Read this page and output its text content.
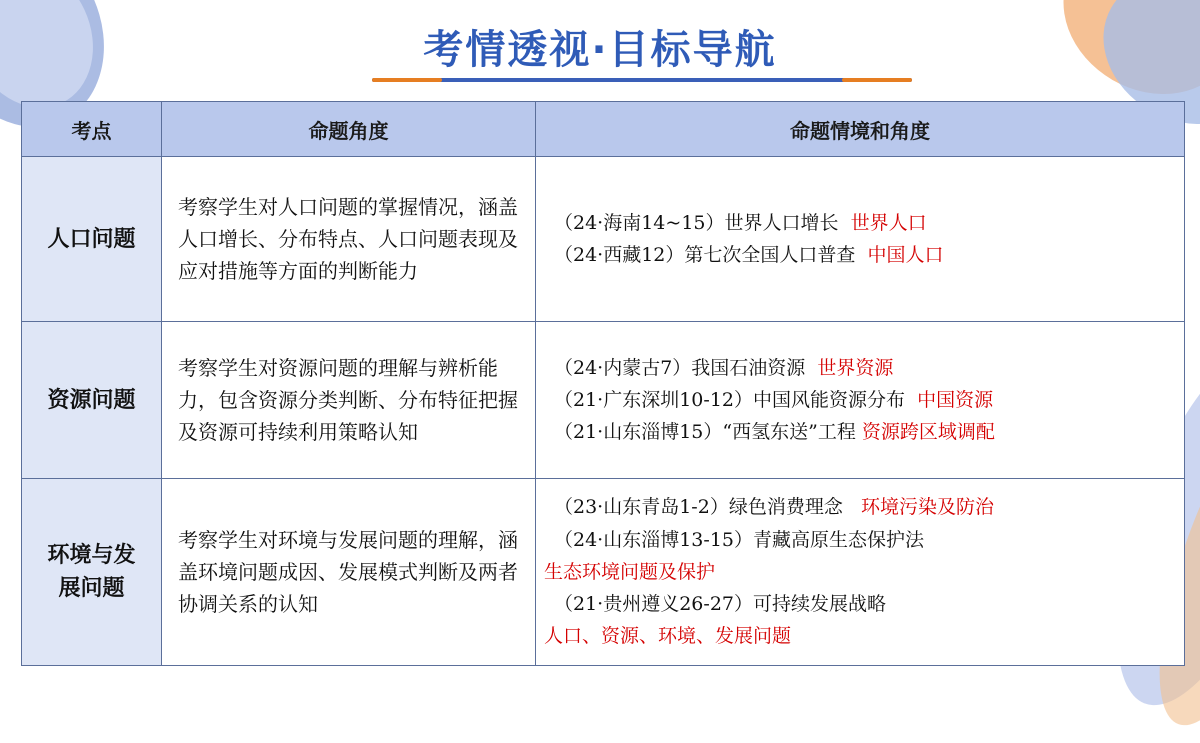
考情透视·目标导航
考点	命题角度	命题情境和角度
人口问题	考察学生对人口问题的掌握情况，涵盖人口增长、分布特点、人口问题表现及应对措施等方面的判断能力	（24·海南14~15）世界人口增长 世界人口
（24·西藏12）第七次全国人口普查 中国人口

资源问题	考察学生对资源问题的理解与辨析能力，包含资源分类判断、分布特征把握及资源可持续利用策略认知	（24·内蒙古7）我国石油资源 世界资源
（21·广东深圳10-12）中国风能资源分布 中国资源
（21·山东淄博15）“西氢东送”工程 资源跨区域调配

环境与发展问题	考察学生对环境与发展问题的理解，涵盖环境问题成因、发展模式判断及两者协调关系的认知	（23·山东青岛1-2）绿色消费理念 环境污染及防治
（24·山东淄博13-15）青藏高原生态保护法
生态环境问题及保护
（21·贵州遵义26-27）可持续发展战略
人口、资源、环境、发展问题
